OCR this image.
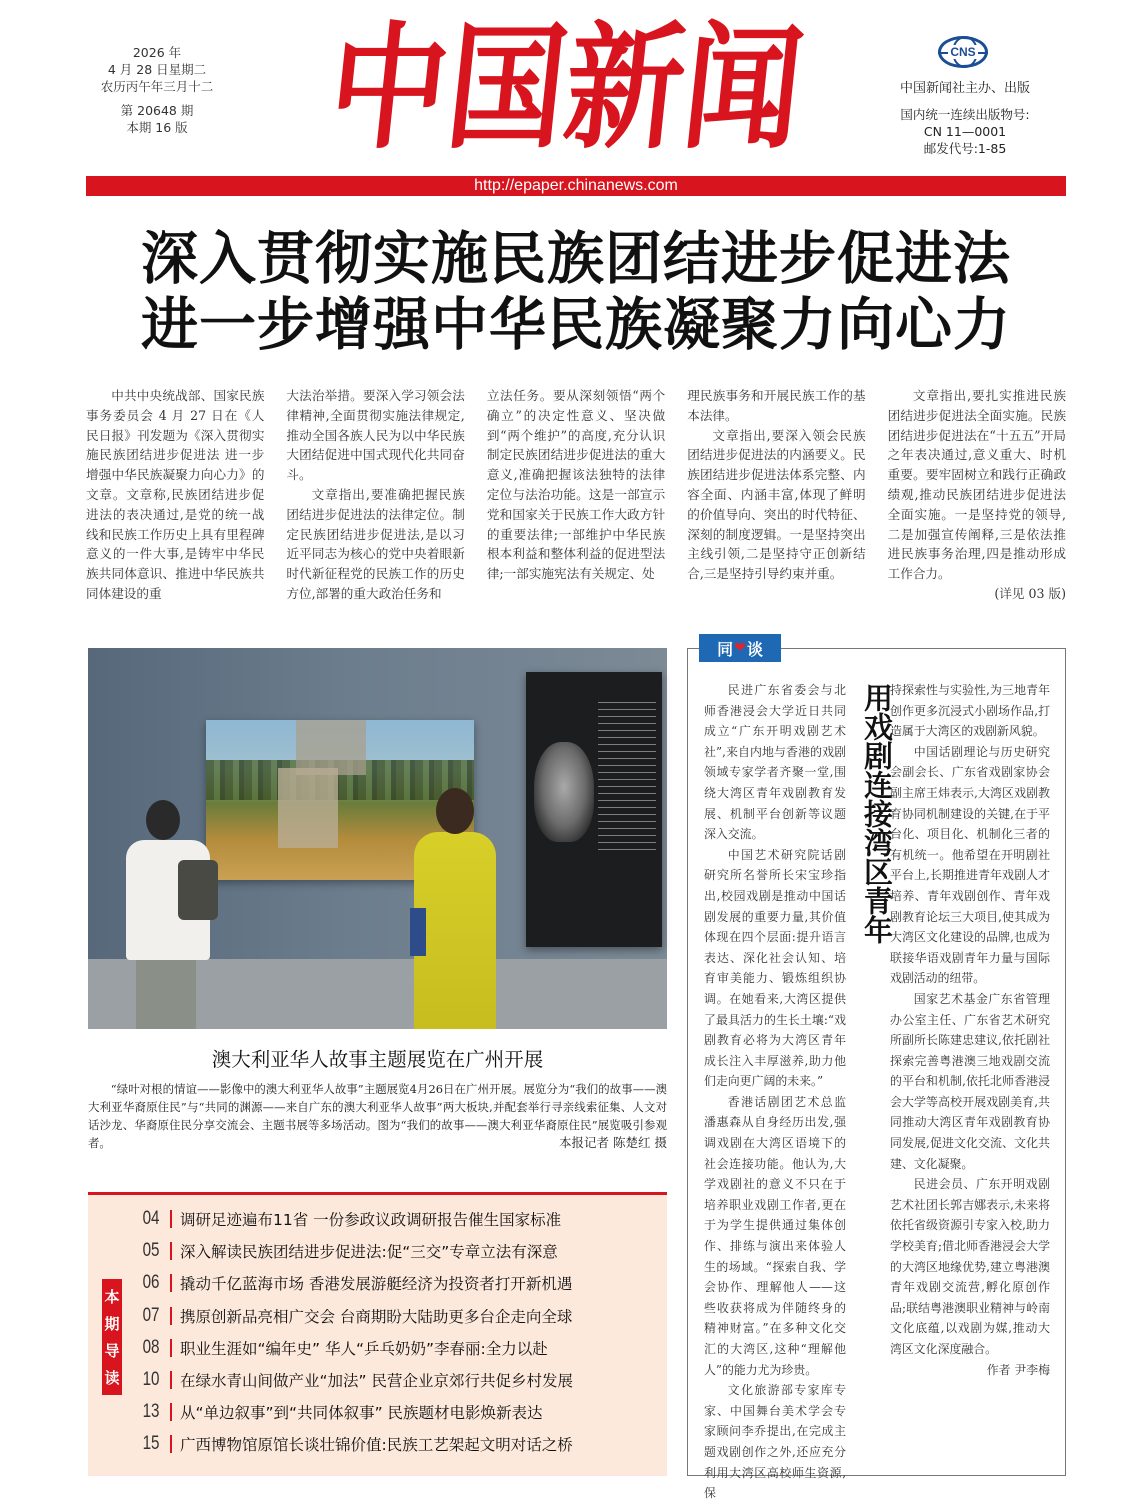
2026 年
4 月 28 日星期二
农历丙午年三月十二
第 20648 期
本期 16 版 中
国
新
闻	CNS
中国新闻社主办、出版
国内统一连续出版物号:
CN 11—0001
邮发代号:1-85
http://epaper.chinanews.com
深入贯彻实施民族团结进步促进法
进一步增强中华民族凝聚力向心力

中共中央统战部、国家民族事务委员会 4 月 27 日在《人民日报》刊发题为《深入贯彻实施民族团结进步促进法 进一步增强中华民族凝聚力向心力》的文章。文章称,民族团结进步促进法的表决通过,是党的统一战线和民族工作历史上具有里程碑意义的一件大事,是铸牢中华民族共同体意识、推进中华民族共同体建设的重

大法治举措。要深入学习领会法律精神,全面贯彻实施法律规定,推动全国各族人民为以中华民族大团结促进中国式现代化共同奋斗。

文章指出,要准确把握民族团结进步促进法的法律定位。制定民族团结进步促进法,是以习近平同志为核心的党中央着眼新时代新征程党的民族工作的历史方位,部署的重大政治任务和

立法任务。要从深刻领悟“两个确立”的决定性意义、坚决做到“两个维护”的高度,充分认识制定民族团结进步促进法的重大意义,准确把握该法独特的法律定位与法治功能。这是一部宣示党和国家关于民族工作大政方针的重要法律;一部维护中华民族根本利益和整体利益的促进型法律;一部实施宪法有关规定、处

理民族事务和开展民族工作的基本法律。

文章指出,要深入领会民族团结进步促进法的内涵要义。民族团结进步促进法体系完整、内容全面、内涵丰富,体现了鲜明的价值导向、突出的时代特征、深刻的制度逻辑。一是坚持突出主线引领,二是坚持守正创新结合,三是坚持引导约束并重。

文章指出,要扎实推进民族团结进步促进法全面实施。民族团结进步促进法在“十五五”开局之年表决通过,意义重大、时机重要。要牢固树立和践行正确政绩观,推动民族团结进步促进法全面实施。一是坚持党的领导,二是加强宣传阐释,三是依法推进民族事务治理,四是推动形成工作合力。

(详见 03 版)
澳大利亚华人故事主题展览在广州开展
“绿叶对根的情谊——影像中的澳大利亚华人故事”主题展览4月26日在广州开展。展览分为“我们的故事——澳大利亚华裔原住民”与“共同的渊源——来自广东的澳大利亚华人故事”两大板块,并配套举行寻亲线索征集、人文对话沙龙、华裔原住民分享交流会、主题书展等多场活动。图为“我们的故事——澳大利亚华裔原住民”展览吸引参观者。	本报记者 陈楚红 摄
本
期
导
读
04 调研足迹遍布11省 一份参政议政调研报告催生国家标准
05 深入解读民族团结进步促进法:促“三交”专章立法有深意
06 撬动千亿蓝海市场 香港发展游艇经济为投资者打开新机遇
07 携原创新品亮相广交会 台商期盼大陆助更多台企走向全球
08 职业生涯如“编年史” 华人“乒乓奶奶”李春丽:全力以赴
10 在绿水青山间做产业“加法” 民营企业京郊行共促乡村发展
13 从“单边叙事”到“共同体叙事” 民族题材电影焕新表达
15 广西博物馆原馆长谈壮锦价值:民族工艺架起文明对话之桥
同 ❤ 谈
用戏剧连接湾区青年

民进广东省委会与北师香港浸会大学近日共同成立“广东开明戏剧艺术社”,来自内地与香港的戏剧领域专家学者齐聚一堂,围绕大湾区青年戏剧教育发展、机制平台创新等议题深入交流。

中国艺术研究院话剧研究所名誉所长宋宝珍指出,校园戏剧是推动中国话剧发展的重要力量,其价值体现在四个层面:提升语言表达、深化社会认知、培育审美能力、锻炼组织协调。在她看来,大湾区提供了最具活力的生长土壤:“戏剧教育必将为大湾区青年成长注入丰厚滋养,助力他们走向更广阔的未来。”

香港话剧团艺术总监潘惠森从自身经历出发,强调戏剧在大湾区语境下的社会连接功能。他认为,大学戏剧社的意义不只在于培养职业戏剧工作者,更在于为学生提供通过集体创作、排练与演出来体验人生的场域。“探索自我、学会协作、理解他人——这些收获将成为伴随终身的精神财富。”在多种文化交汇的大湾区,这种“理解他人”的能力尤为珍贵。

文化旅游部专家库专家、中国舞台美术学会专家顾问李乔提出,在完成主题戏剧创作之外,还应充分利用大湾区高校师生资源,保

持探索性与实验性,为三地青年创作更多沉浸式小剧场作品,打造属于大湾区的戏剧新风貌。

中国话剧理论与历史研究会副会长、广东省戏剧家协会副主席王炜表示,大湾区戏剧教育协同机制建设的关键,在于平台化、项目化、机制化三者的有机统一。他希望在开明剧社平台上,长期推进青年戏剧人才培养、青年戏剧创作、青年戏剧教育论坛三大项目,使其成为大湾区文化建设的品牌,也成为联接华语戏剧青年力量与国际戏剧活动的纽带。

国家艺术基金广东省管理办公室主任、广东省艺术研究所副所长陈建忠建议,依托剧社探索完善粤港澳三地戏剧交流的平台和机制,依托北师香港浸会大学等高校开展戏剧美育,共同推动大湾区青年戏剧教育协同发展,促进文化交流、文化共建、文化凝聚。

民进会员、广东开明戏剧艺术社团长郭吉娜表示,未来将依托省级资源引专家入校,助力学校美育;借北师香港浸会大学的大湾区地缘优势,建立粤港澳青年戏剧交流营,孵化原创作品;联结粤港澳职业精神与岭南文化底蕴,以戏剧为媒,推动大湾区文化深度融合。

作者 尹李梅
